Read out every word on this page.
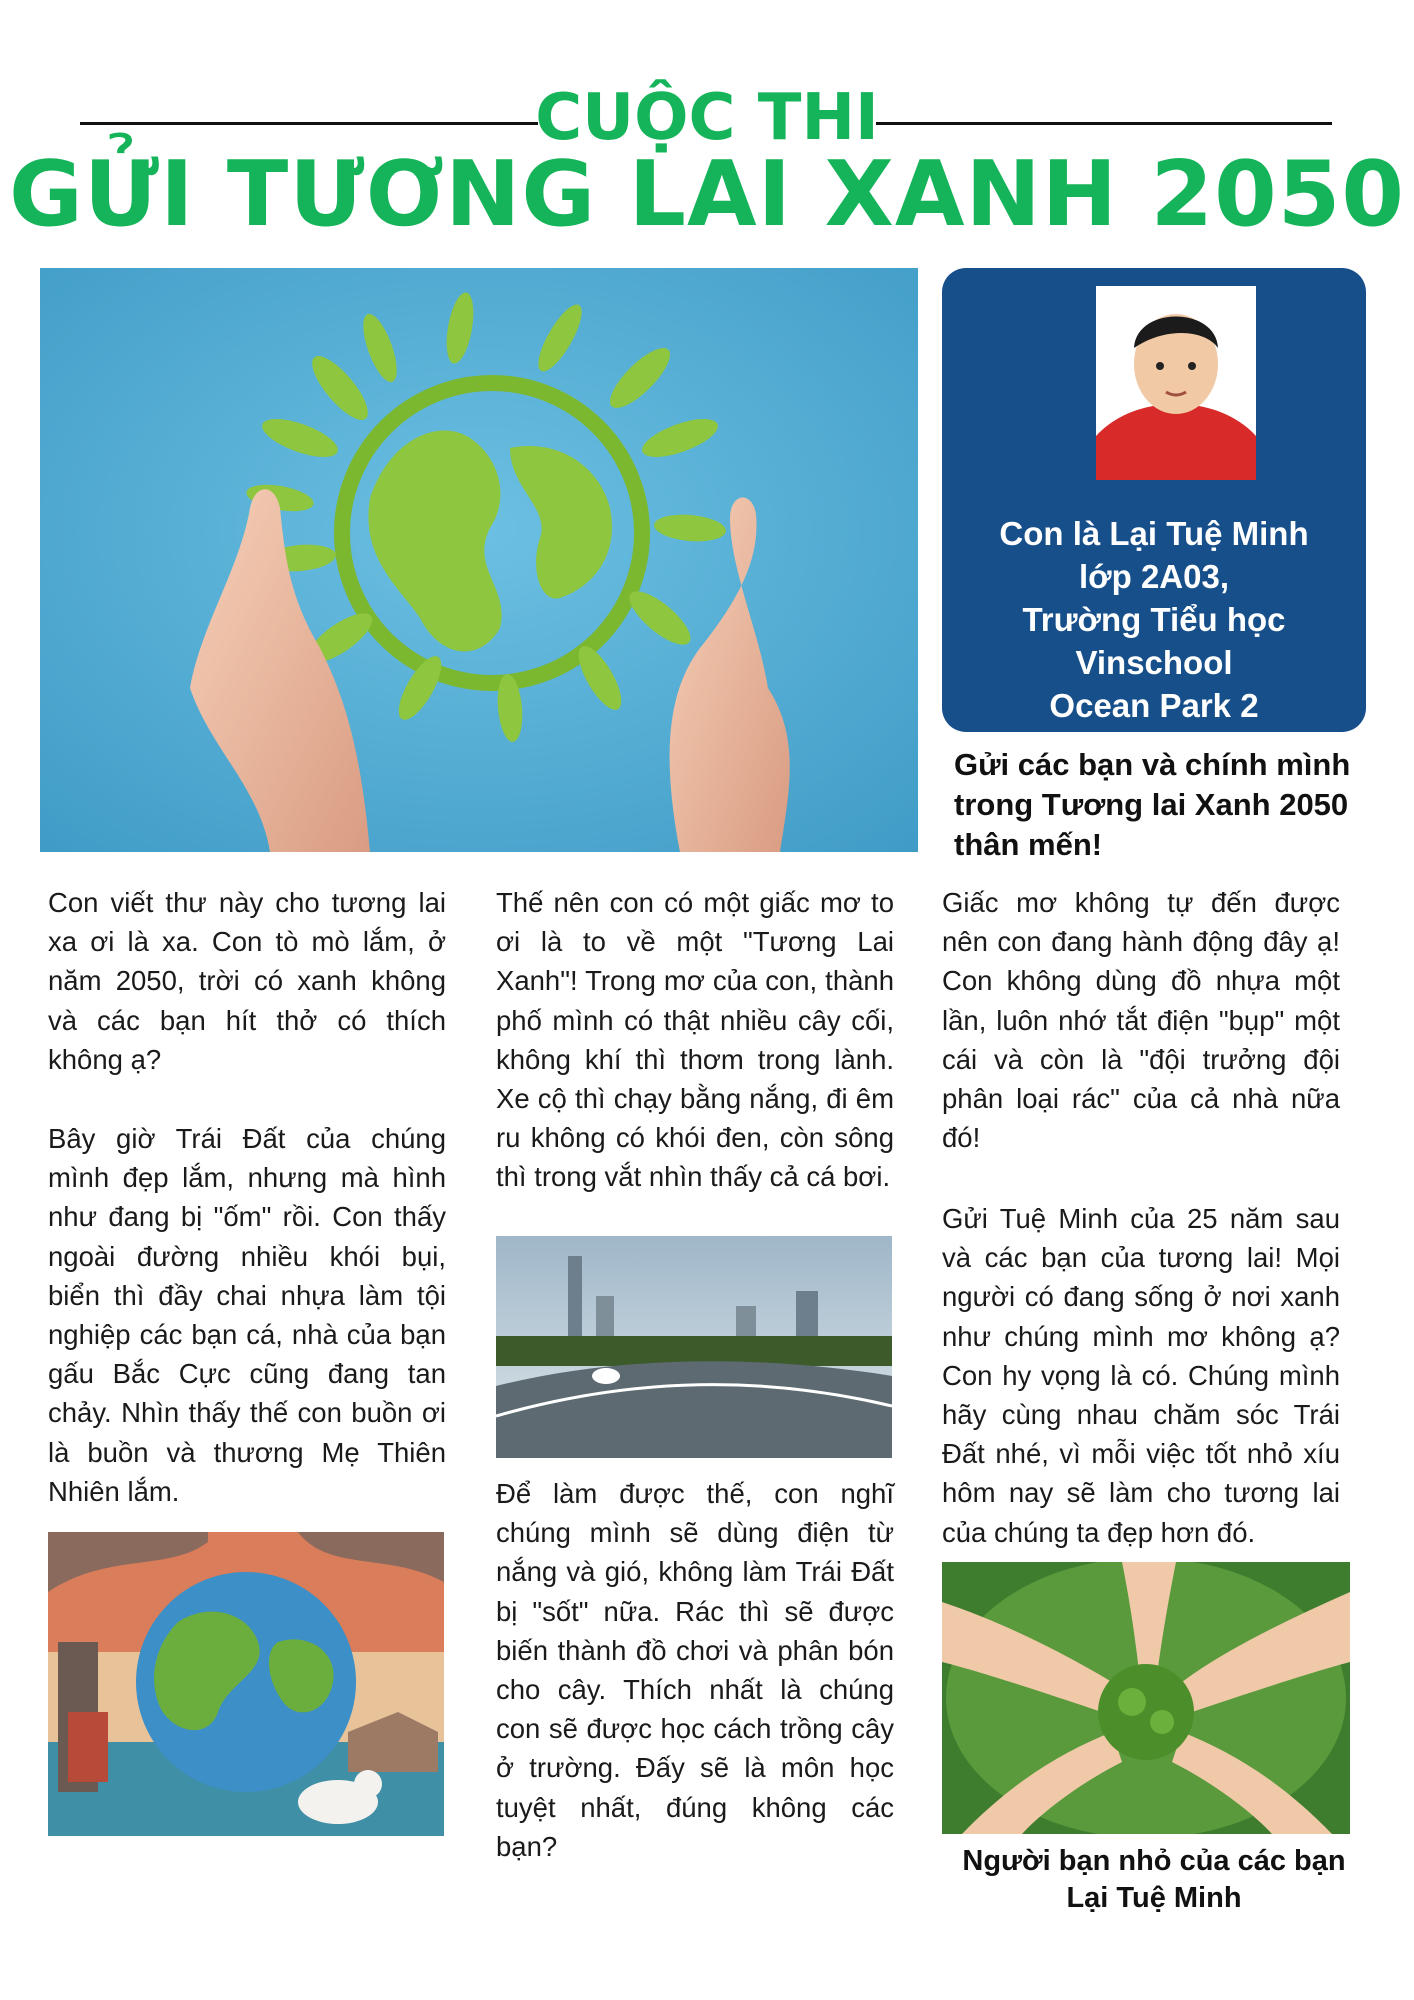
CUỘC THI
GỬI TƯƠNG LAI XANH 2050
Con là Lại Tuệ Minh
lớp 2A03,
Trường Tiểu học
Vinschool
Ocean Park 2
Gửi các bạn và chính mình trong Tương lai Xanh 2050 thân mến!

Con viết thư này cho tương lai xa ơi là xa. Con tò mò lắm, ở năm 2050, trời có xanh không và các bạn hít thở có thích không ạ?

Bây giờ Trái Đất của chúng mình đẹp lắm, nhưng mà hình như đang bị "ốm" rồi. Con thấy ngoài đường nhiều khói bụi, biển thì đầy chai nhựa làm tội nghiệp các bạn cá, nhà của bạn gấu Bắc Cực cũng đang tan chảy. Nhìn thấy thế con buồn ơi là buồn và thương Mẹ Thiên Nhiên lắm.

Thế nên con có một giấc mơ to ơi là to về một "Tương Lai Xanh"! Trong mơ của con, thành phố mình có thật nhiều cây cối, không khí thì thơm trong lành. Xe cộ thì chạy bằng nắng, đi êm ru không có khói đen, còn sông thì trong vắt nhìn thấy cả cá bơi.

Để làm được thế, con nghĩ chúng mình sẽ dùng điện từ nắng và gió, không làm Trái Đất bị "sốt" nữa. Rác thì sẽ được biến thành đồ chơi và phân bón cho cây. Thích nhất là chúng con sẽ được học cách trồng cây ở trường. Đấy sẽ là môn học tuyệt nhất, đúng không các bạn?

Giấc mơ không tự đến được nên con đang hành động đây ạ! Con không dùng đồ nhựa một lần, luôn nhớ tắt điện "bụp" một cái và còn là "đội trưởng đội phân loại rác" của cả nhà nữa đó!

Gửi Tuệ Minh của 25 năm sau và các bạn của tương lai! Mọi người có đang sống ở nơi xanh như chúng mình mơ không ạ? Con hy vọng là có. Chúng mình hãy cùng nhau chăm sóc Trái Đất nhé, vì mỗi việc tốt nhỏ xíu hôm nay sẽ làm cho tương lai của chúng ta đẹp hơn đó.

Người bạn nhỏ của các bạn
Lại Tuệ Minh
